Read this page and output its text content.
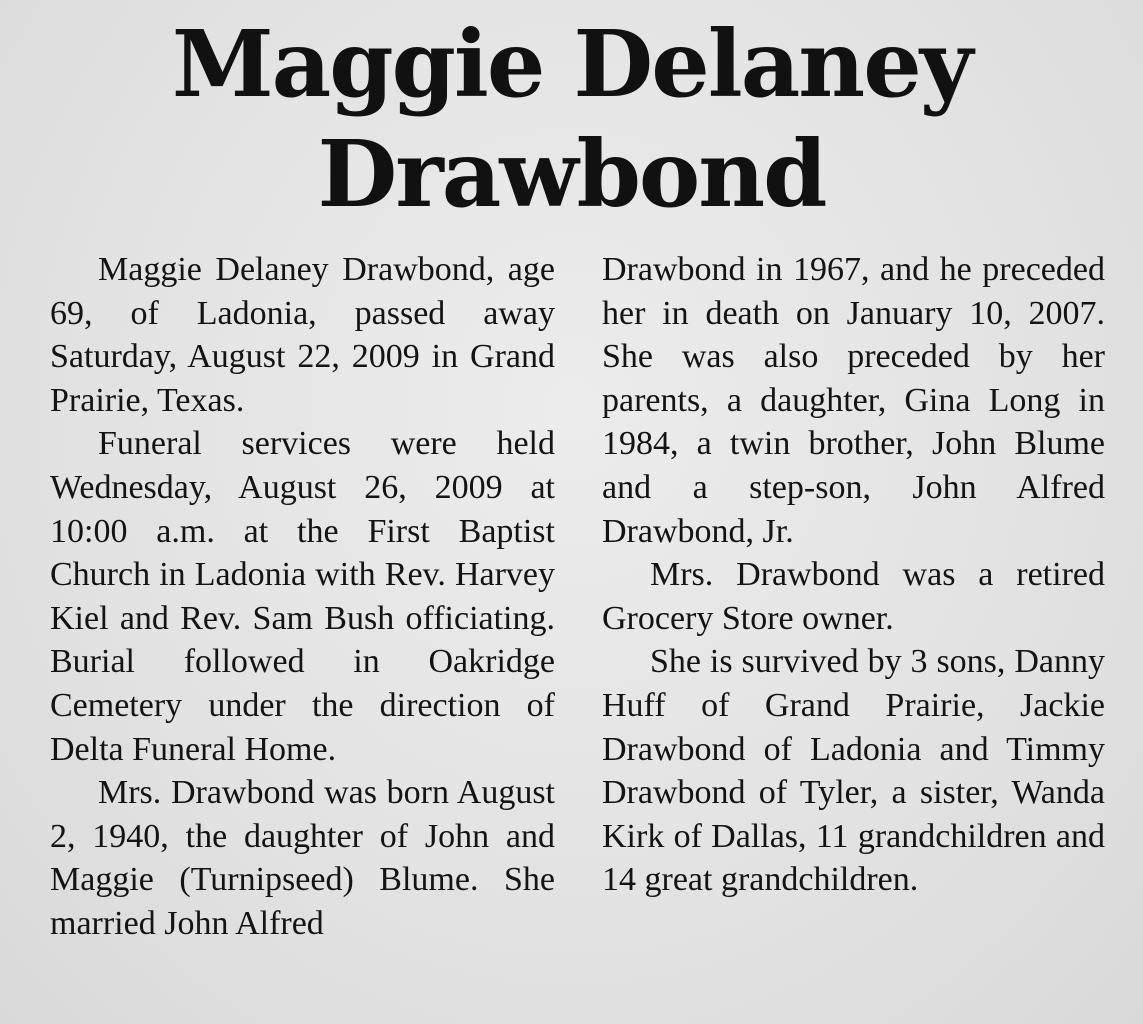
Maggie Delaney
Drawbond

Maggie Delaney Drawbond, age 69, of Ladonia, passed away Saturday, August 22, 2009 in Grand Prairie, Texas.

Funeral services were held Wednesday, August 26, 2009 at 10:00 a.m. at the First Baptist Church in Ladonia with Rev. Harvey Kiel and Rev. Sam Bush officiating. Burial followed in Oakridge Cemetery under the direction of Delta Funeral Home.

Mrs. Drawbond was born August 2, 1940, the daughter of John and Maggie (Turnipseed) Blume. She married John Alfred

Drawbond in 1967, and he preceded her in death on January 10, 2007. She was also preceded by her parents, a daughter, Gina Long in 1984, a twin brother, John Blume and a step-son, John Alfred Drawbond, Jr.

Mrs. Drawbond was a retired Grocery Store owner.

She is survived by 3 sons, Danny Huff of Grand Prairie, Jackie Drawbond of Ladonia and Timmy Drawbond of Tyler, a sister, Wanda Kirk of Dallas, 11 grandchildren and 14 great grandchildren.
